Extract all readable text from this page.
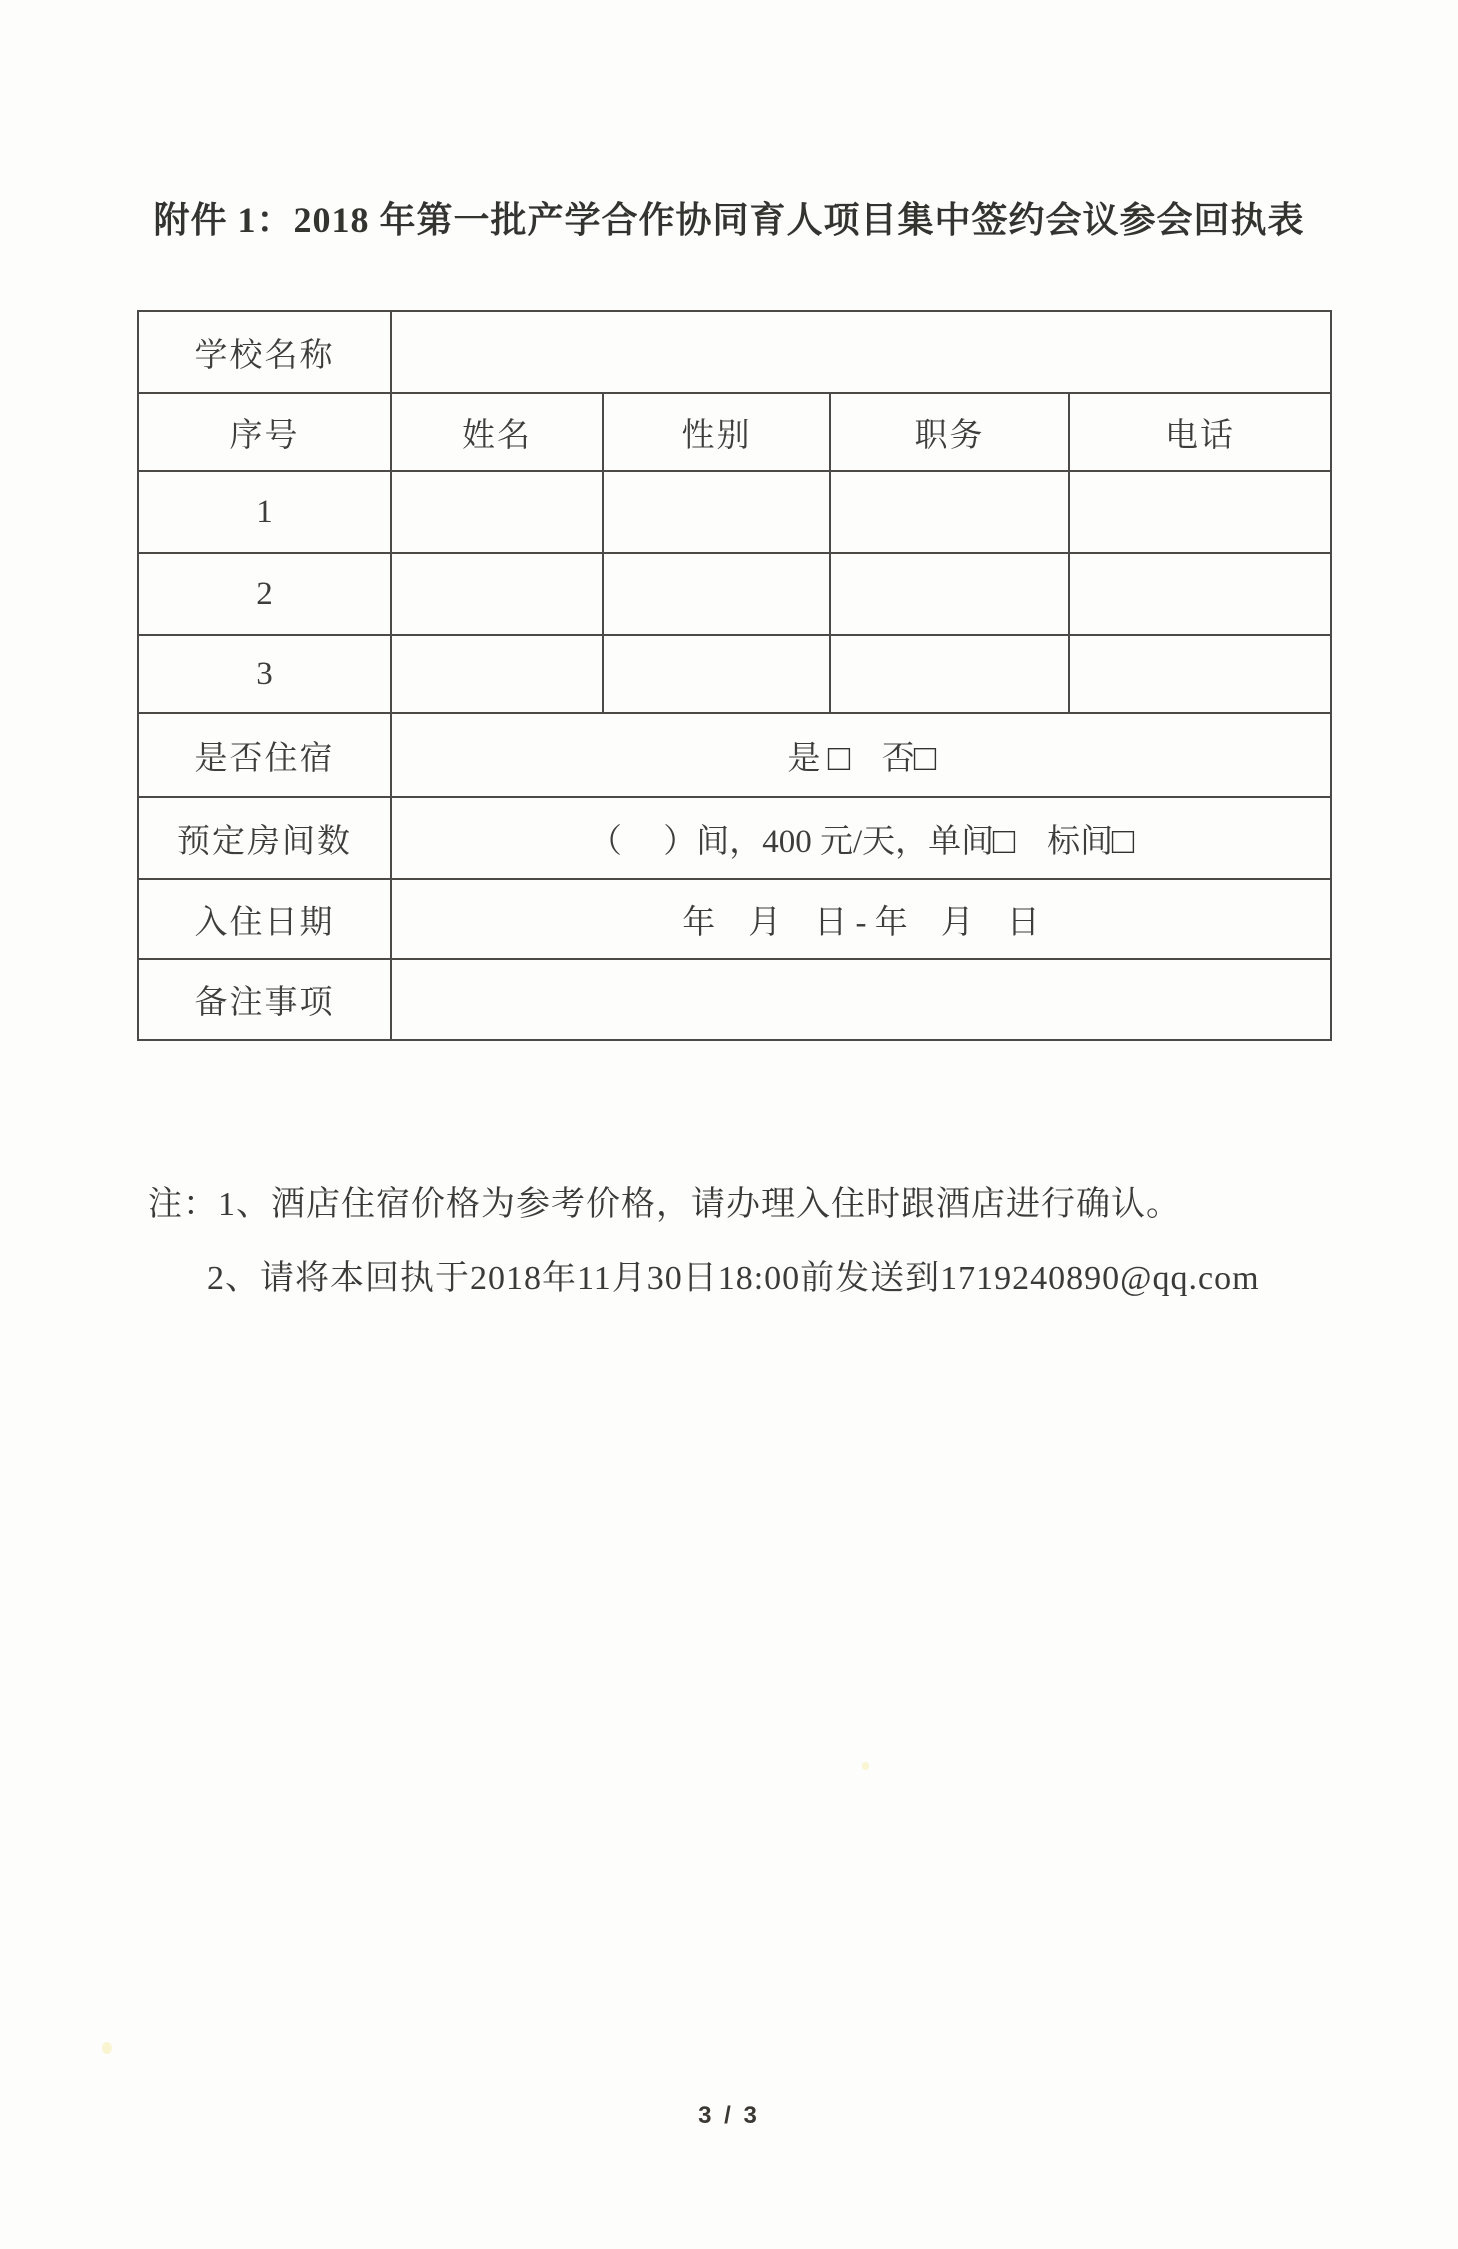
附件 1：2018 年第一批产学合作协同育人项目集中签约会议参会回执表
学校名称				
序号	姓名	性别	职务	电话
1				
2				
3				
是否住宿	是 □　 否□			
预定房间数	（　 ）间，400 元/天，单间□　标间□			
入住日期	年　月　日 - 年　月　日			
备注事项				
注：1、酒店住宿价格为参考价格，请办理入住时跟酒店进行确认。
2、请将本回执于2018年11月30日18:00前发送到1719240890@qq.com
3 / 3
